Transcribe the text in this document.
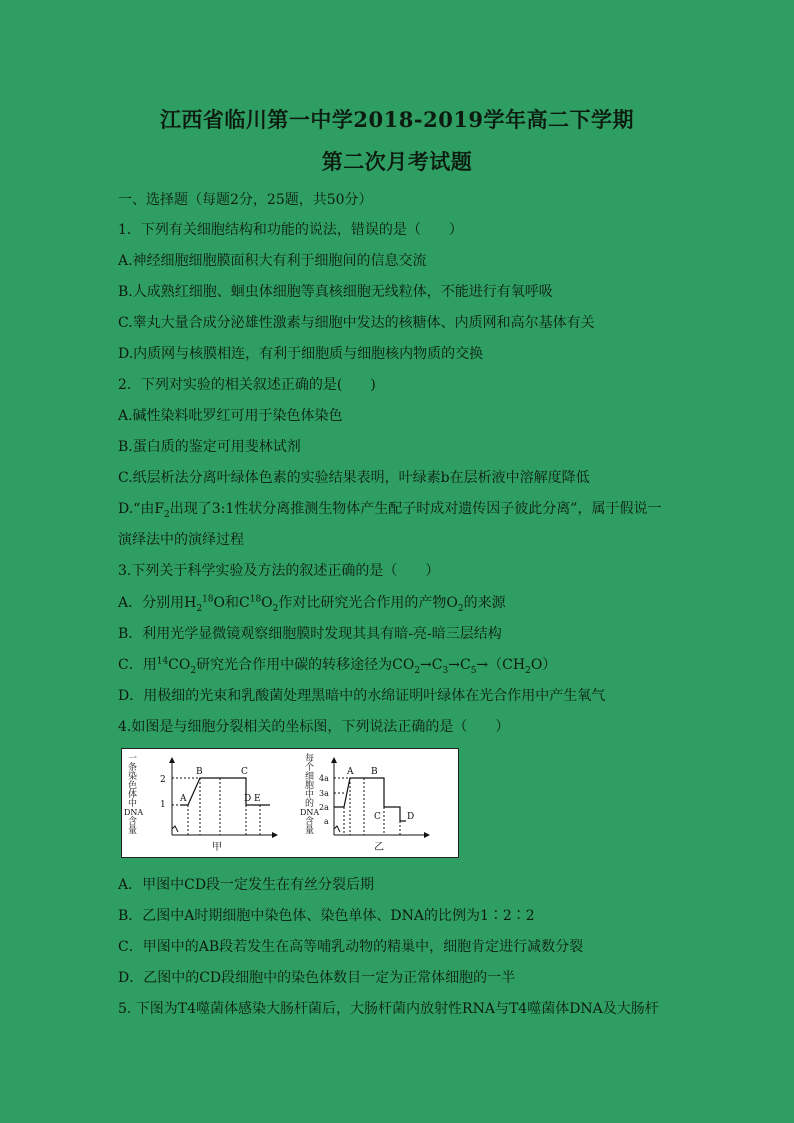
江西省临川第一中学2018-2019学年高二下学期
第二次月考试题
一、选择题（每题2分，25题，共50分）
1．下列有关细胞结构和功能的说法，错误的是（　　）
A.神经细胞细胞膜面积大有利于细胞间的信息交流
B.人成熟红细胞、蛔虫体细胞等真核细胞无线粒体，不能进行有氧呼吸
C.睾丸大量合成分泌雄性激素与细胞中发达的核糖体、内质网和高尔基体有关
D.内质网与核膜相连，有利于细胞质与细胞核内物质的交换
2．下列对实验的相关叙述正确的是(　　)
A.碱性染料吡罗红可用于染色体染色
B.蛋白质的鉴定可用斐林试剂
C.纸层析法分离叶绿体色素的实验结果表明，叶绿素b在层析液中溶解度降低
D.“由$F_2$出现了3:1性状分离推测生物体产生配子时成对遗传因子彼此分离”，属于假说一
演绎法中的演绎过程
3.下列关于科学实验及方法的叙述正确的是（　　）
A．分别用$H_2^{18}O$和$C^{18}O_2$作对比研究光合作用的产物$O_2$的来源
B．利用光学显微镜观察细胞膜时发现其具有暗-亮-暗三层结构
C．用$^{14}CO_2$研究光合作用中碳的转移途径为$CO_2\to C_3\to C_5\to(CH_2O)$
D．用极细的光束和乳酸菌处理黑暗中的水绵证明叶绿体在光合作用中产生氧气
4.如图是与细胞分裂相关的坐标图，下列说法正确的是（　　）
一
条
染
色
体
中
DNA
含
量
2
1
A
B	C
D E
甲
每
个
细
胞
中
的
DNA
含
量
4a
3a
2a
a
A B
C	D
乙
A．甲图中CD段一定发生在有丝分裂后期
B．乙图中A时期细胞中染色体、染色单体、DNA的比例为1∶2∶2
C．甲图中的AB段若发生在高等哺乳动物的精巢中，细胞肯定进行减数分裂
D．乙图中的CD段细胞中的染色体数目一定为正常体细胞的一半
5. 下图为T4噬菌体感染大肠杆菌后，大肠杆菌内放射性RNA与T4噬菌体DNA及大肠杆
